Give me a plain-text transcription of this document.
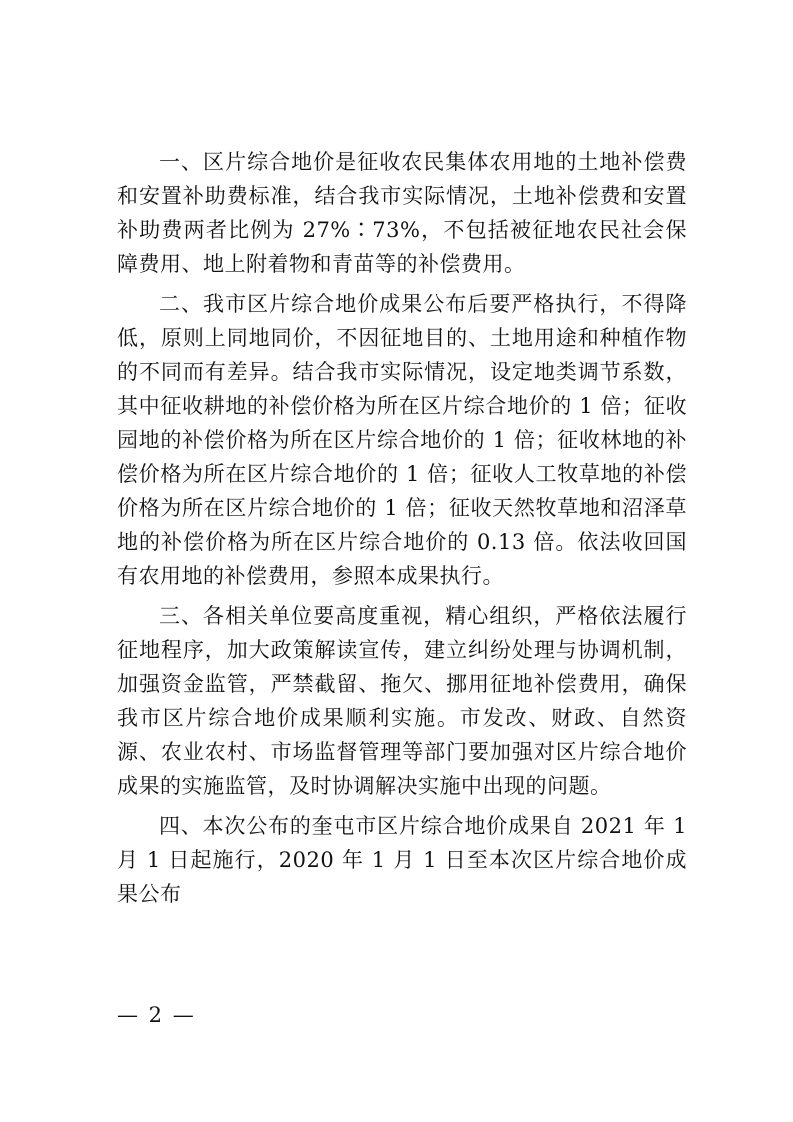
一、区片综合地价是征收农民集体农用地的土地补偿费和安置补助费标准，结合我市实际情况，土地补偿费和安置补助费两者比例为 27%∶73%，不包括被征地农民社会保障费用、地上附着物和青苗等的补偿费用。

二、我市区片综合地价成果公布后要严格执行，不得降低，原则上同地同价，不因征地目的、土地用途和种植作物的不同而有差异。结合我市实际情况，设定地类调节系数，其中征收耕地的补偿价格为所在区片综合地价的 1 倍；征收园地的补偿价格为所在区片综合地价的 1 倍；征收林地的补偿价格为所在区片综合地价的 1 倍；征收人工牧草地的补偿价格为所在区片综合地价的 1 倍；征收天然牧草地和沼泽草地的补偿价格为所在区片综合地价的 0.13 倍。依法收回国有农用地的补偿费用，参照本成果执行。

三、各相关单位要高度重视，精心组织，严格依法履行征地程序，加大政策解读宣传，建立纠纷处理与协调机制，加强资金监管，严禁截留、拖欠、挪用征地补偿费用，确保我市区片综合地价成果顺利实施。市发改、财政、自然资源、农业农村、市场监督管理等部门要加强对区片综合地价成果的实施监管，及时协调解决实施中出现的问题。

四、本次公布的奎屯市区片综合地价成果自 2021 年 1 月 1 日起施行，2020 年 1 月 1 日至本次区片综合地价成果公布

— 2 —
